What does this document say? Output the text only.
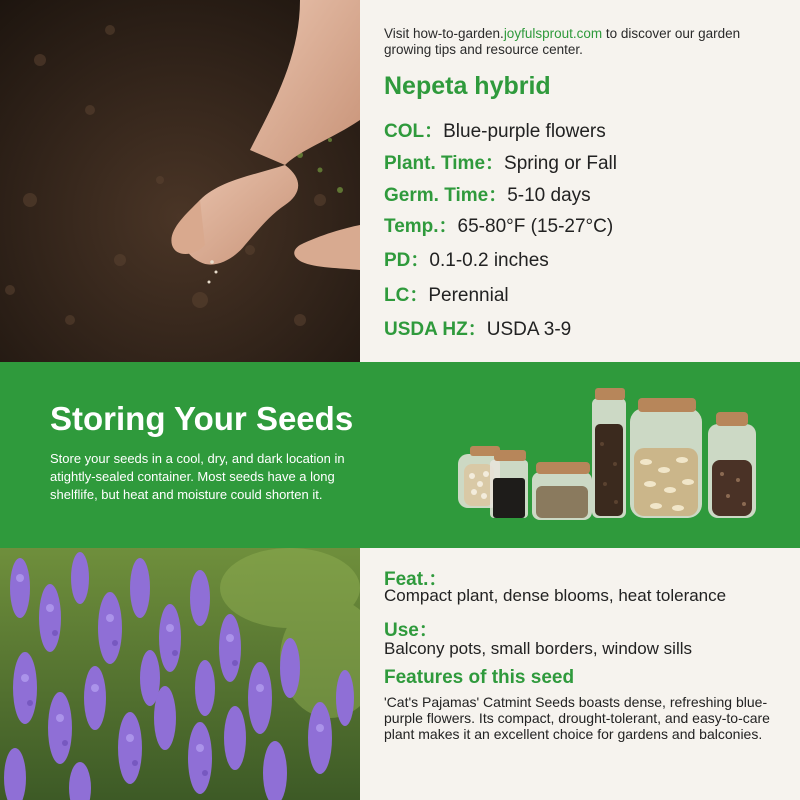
Visit how-to-garden.joyfulsprout.com to discover our garden growing tips and resource center.
Nepeta hybrid
COL：Blue-purple flowers
Plant. Time：Spring or Fall
Germ. Time：5-10 days
Temp.：65-80°F (15-27°C)
PD：0.1-0.2 inches
LC：Perennial
USDA HZ：USDA 3-9
Storing Your Seeds
Store your seeds in a cool, dry, and dark location in atightly-sealed container. Most seeds have a long shelflife, but heat and moisture could shorten it.
Feat.：
Compact plant, dense blooms, heat tolerance
Use：
Balcony pots, small borders, window sills
Features of this seed
'Cat's Pajamas' Catmint Seeds boasts dense, refreshing blue-purple flowers. Its compact, drought-tolerant, and easy-to-care plant makes it an excellent choice for gardens and balconies.
